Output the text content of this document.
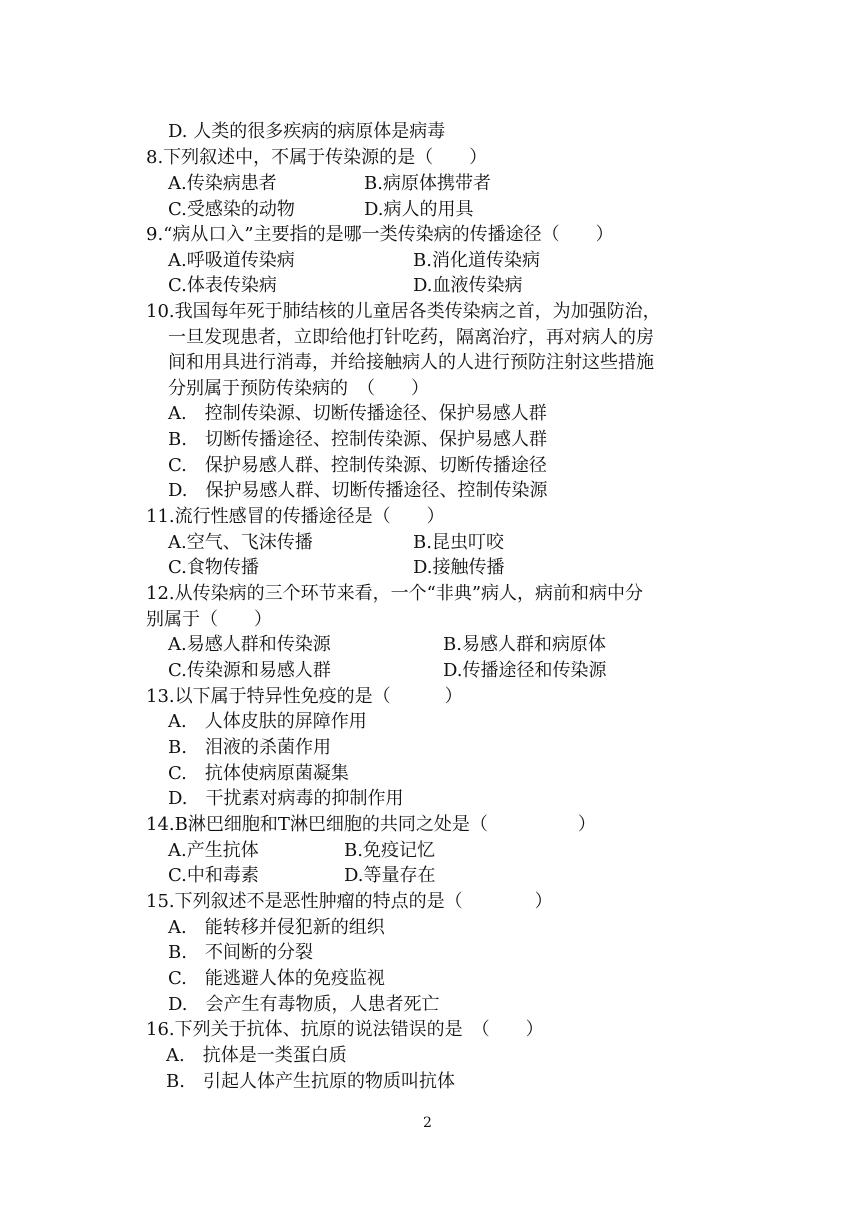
D. 人类的很多疾病的病原体是病毒
8.下列叙述中，不属于传染源的是（　　）
A.传染病患者	B.病原体携带者
C.受感染的动物	D.病人的用具
9.“病从口入”主要指的是哪一类传染病的传播途径（　　）
A.呼吸道传染病	B.消化道传染病
C.体表传染病	D.血液传染病
10.我国每年死于肺结核的儿童居各类传染病之首，为加强防治，
一旦发现患者，立即给他打针吃药，隔离治疗，再对病人的房
间和用具进行消毒，并给接触病人的人进行预防注射这些措施
分别属于预防传染病的　（　　）
A.　控制传染源、切断传播途径、保护易感人群
B.　切断传播途径、控制传染源、保护易感人群
C.　保护易感人群、控制传染源、切断传播途径
D.　保护易感人群、切断传播途径、控制传染源
11.流行性感冒的传播途径是（　　）
A.空气、飞沫传播	B.昆虫叮咬
C.食物传播	D.接触传播
12.从传染病的三个环节来看，一个“非典”病人，病前和病中分
别属于（　　）
A.易感人群和传染源	B.易感人群和病原体
C.传染源和易感人群	D.传播途径和传染源
13.以下属于特异性免疫的是（　　　）
A.　人体皮肤的屏障作用
B.　泪液的杀菌作用
C.　抗体使病原菌凝集
D.　干扰素对病毒的抑制作用
14.B淋巴细胞和T淋巴细胞的共同之处是（　　　　　）
A.产生抗体	B.免疫记忆
C.中和毒素	D.等量存在
15.下列叙述不是恶性肿瘤的特点的是（　　　　）
A.　能转移并侵犯新的组织
B.　不间断的分裂
C.　能逃避人体的免疫监视
D.　会产生有毒物质，人患者死亡
16.下列关于抗体、抗原的说法错误的是　（　　）
A.　抗体是一类蛋白质
B.　引起人体产生抗原的物质叫抗体
2
